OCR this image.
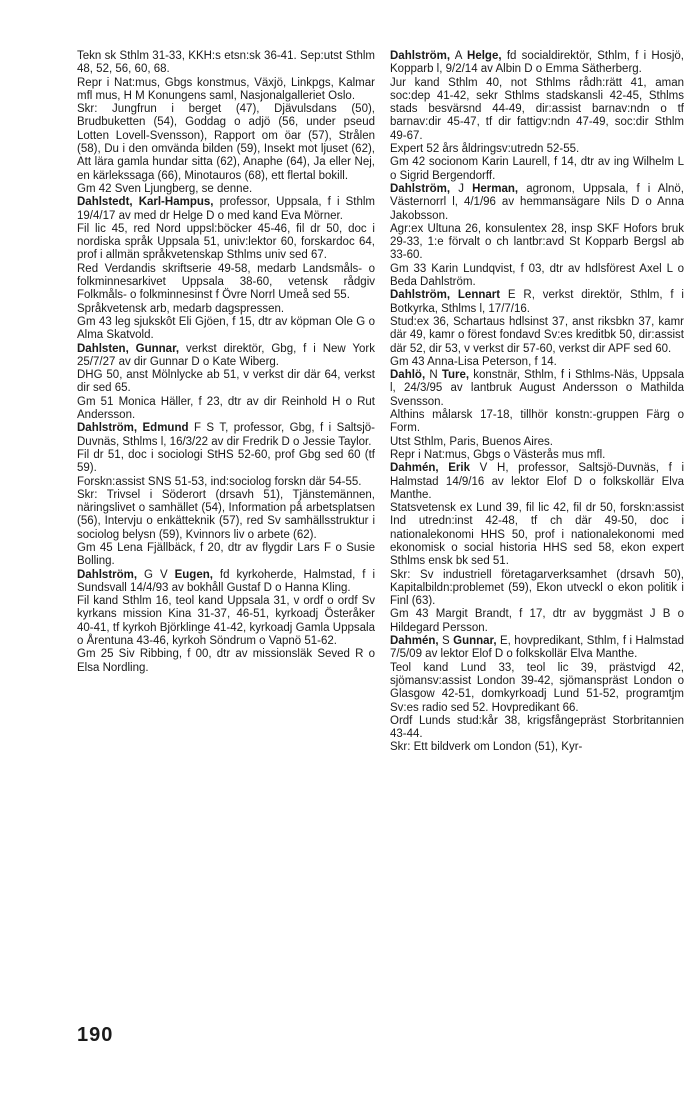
Tekn sk Sthlm 31-33, KKH:s etsn:sk 36-41. Sep:utst Sthlm 48, 52, 56, 60, 68.

Repr i Nat:mus, Gbgs konstmus, Växjö, Linkpgs, Kalmar mfl mus, H M Konungens saml, Nasjonalgalleriet Oslo.

Skr: Jungfrun i berget (47), Djävulsdans (50), Brudbuketten (54), Goddag o adjö (56, under pseud Lotten Lovell-Svensson), Rapport om öar (57), Strålen (58), Du i den omvända bilden (59), Insekt mot ljuset (62), Att lära gamla hundar sitta (62), Anaphe (64), Ja eller Nej, en kärlekssaga (66), Minotauros (68), ett flertal bokill.

Gm 42 Sven Ljungberg, se denne.

Dahlstedt, Karl-Hampus, professor, Uppsala, f i Sthlm 19/4/17 av med dr Helge D o med kand Eva Mörner.

Fil lic 45, red Nord uppsl:böcker 45-46, fil dr 50, doc i nordiska språk Uppsala 51, univ:lektor 60, forskardoc 64, prof i allmän språkvetenskap Sthlms univ sed 67.

Red Verdandis skriftserie 49-58, medarb Landsmåls- o folkminnesarkivet Uppsala 38-60, vetensk rådgiv Folkmåls- o folkminnesinst f Övre Norrl Umeå sed 55.

Språkvetensk arb, medarb dagspressen.

Gm 43 leg sjukskôt Eli Gjöen, f 15, dtr av köpman Ole G o Alma Skatvold.

Dahlsten, Gunnar, verkst direktör, Gbg, f i New York 25/7/27 av dir Gunnar D o Kate Wiberg.

DHG 50, anst Mölnlycke ab 51, v verkst dir där 64, verkst dir sed 65.

Gm 51 Monica Häller, f 23, dtr av dir Reinhold H o Rut Andersson.

Dahlström, Edmund F S T, professor, Gbg, f i Saltsjö-Duvnäs, Sthlms l, 16/3/22 av dir Fredrik D o Jessie Taylor.

Fil dr 51, doc i sociologi StHS 52-60, prof Gbg sed 60 (tf 59).

Forskn:assist SNS 51-53, ind:sociolog forskn där 54-55.

Skr: Trivsel i Söderort (drsavh 51), Tjänstemännen, näringslivet o samhället (54), Information på arbetsplatsen (56), Intervju o enkätteknik (57), red Sv samhällsstruktur i sociolog belysn (59), Kvinnors liv o arbete (62).

Gm 45 Lena Fjällbäck, f 20, dtr av flygdir Lars F o Susie Bolling.

Dahlström, G V Eugen, fd kyrkoherde, Halmstad, f i Sundsvall 14/4/93 av bokhåll Gustaf D o Hanna Kling.

Fil kand Sthlm 16, teol kand Uppsala 31, v ordf o ordf Sv kyrkans mission Kina 31-37, 46-51, kyrkoadj Österåker 40-41, tf kyrkoh Björklinge 41-42, kyrkoadj Gamla Uppsala o Årentuna 43-46, kyrkoh Söndrum o Vapnö 51-62.

Gm 25 Siv Ribbing, f 00, dtr av missionsläk Seved R o Elsa Nordling.

Dahlström, A Helge, fd socialdirektör, Sthlm, f i Hosjö, Kopparb l, 9/2/14 av Albin D o Emma Sätherberg.

Jur kand Sthlm 40, not Sthlms rådh:rätt 41, aman soc:dep 41-42, sekr Sthlms stadskansli 42-45, Sthlms stads besvärsnd 44-49, dir:assist barnav:ndn o tf barnav:dir 45-47, tf dir fattigv:ndn 47-49, soc:dir Sthlm 49-67.

Expert 52 års åldringsv:utredn 52-55.

Gm 42 socionom Karin Laurell, f 14, dtr av ing Wilhelm L o Sigrid Bergendorff.

Dahlström, J Herman, agronom, Uppsala, f i Alnö, Västernorrl l, 4/1/96 av hemmansägare Nils D o Anna Jakobsson.

Agr:ex Ultuna 26, konsulentex 28, insp SKF Hofors bruk 29-33, 1:e förvalt o ch lantbr:avd St Kopparb Bergsl ab 33-60.

Gm 33 Karin Lundqvist, f 03, dtr av hdlsförest Axel L o Beda Dahlström.

Dahlström, Lennart E R, verkst direktör, Sthlm, f i Botkyrka, Sthlms l, 17/7/16.

Stud:ex 36, Schartaus hdlsinst 37, anst riksbkn 37, kamr där 49, kamr o förest fondavd Sv:es kreditbk 50, dir:assist där 52, dir 53, v verkst dir 57-60, verkst dir APF sed 60.

Gm 43 Anna-Lisa Peterson, f 14.

Dahlö, N Ture, konstnär, Sthlm, f i Sthlms-Näs, Uppsala l, 24/3/95 av lantbruk August Andersson o Mathilda Svensson.

Althins målarsk 17-18, tillhör konstn:-gruppen Färg o Form.

Utst Sthlm, Paris, Buenos Aires.

Repr i Nat:mus, Gbgs o Västerås mus mfl.

Dahmén, Erik V H, professor, Saltsjö-Duvnäs, f i Halmstad 14/9/16 av lektor Elof D o folkskollär Elva Manthe.

Statsvetensk ex Lund 39, fil lic 42, fil dr 50, forskn:assist Ind utredn:inst 42-48, tf ch där 49-50, doc i nationalekonomi HHS 50, prof i nationalekonomi med ekonomisk o social historia HHS sed 58, ekon expert Sthlms ensk bk sed 51.

Skr: Sv industriell företagarverksamhet (drsavh 50), Kapitalbildn:problemet (59), Ekon utveckl o ekon politik i Finl (63).

Gm 43 Margit Brandt, f 17, dtr av byggmäst J B o Hildegard Persson.

Dahmén, S Gunnar, E, hovpredikant, Sthlm, f i Halmstad 7/5/09 av lektor Elof D o folkskollär Elva Manthe.

Teol kand Lund 33, teol lic 39, prästvigd 42, sjömansv:assist London 39-42, sjömanspräst London o Glasgow 42-51, domkyrkoadj Lund 51-52, programtjm Sv:es radio sed 52. Hovpredikant 66.

Ordf Lunds stud:kår 38, krigsfångepräst Storbritannien 43-44.

Skr: Ett bildverk om London (51), Kyr-

190
